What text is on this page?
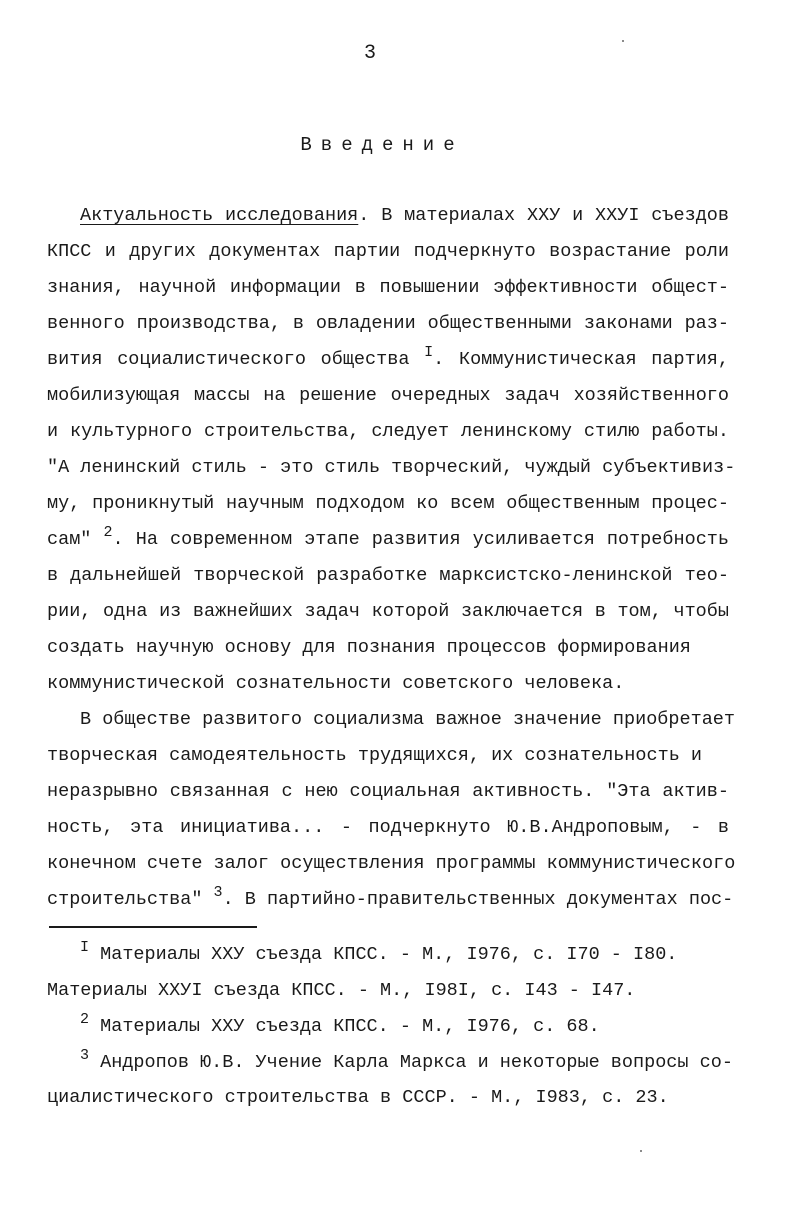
3
Введение
Актуальность исследования. В материалах XXУ и XXУI съездов
КПСС и других документах партии подчеркнуто возрастание роли
знания, научной информации в повышении эффективности общест-
венного производства, в овладении общественными законами раз-
вития социалистического общества $^I$. Коммунистическая партия,
мобилизующая массы на решение очередных задач хозяйственного
и культурного строительства, следует ленинскому стилю работы.
"А ленинский стиль - это стиль творческий, чуждый субъективиз-
му, проникнутый научным подходом ко всем общественным процес-
сам" $^2$. На современном этапе развития усиливается потребность
в дальнейшей творческой разработке марксистско-ленинской тео-
рии, одна из важнейших задач которой заключается в том, чтобы
создать научную основу для познания процессов формирования
коммунистической сознательности советского человека.
В обществе развитого социализма важное значение приобретает
творческая самодеятельность трудящихся, их сознательность и
неразрывно связанная с нею социальная активность. "Эта актив-
ность, эта инициатива... - подчеркнуто Ю.В.Андроповым, - в
конечном счете залог осуществления программы коммунистического
строительства" $^3$. В партийно-правительственных документах пос-
$^I$ Материалы XXУ съезда КПСС. - М., I976, с. I70 - I80.
Материалы XXУI съезда КПСС. - М., I98I, с. I43 - I47.
$^2$ Материалы XXУ съезда КПСС. - М., I976, с. 68.
$^3$ Андропов Ю.В. Учение Карла Маркса и некоторые вопросы со-
циалистического строительства в СССР. - М., I983, с. 23.
